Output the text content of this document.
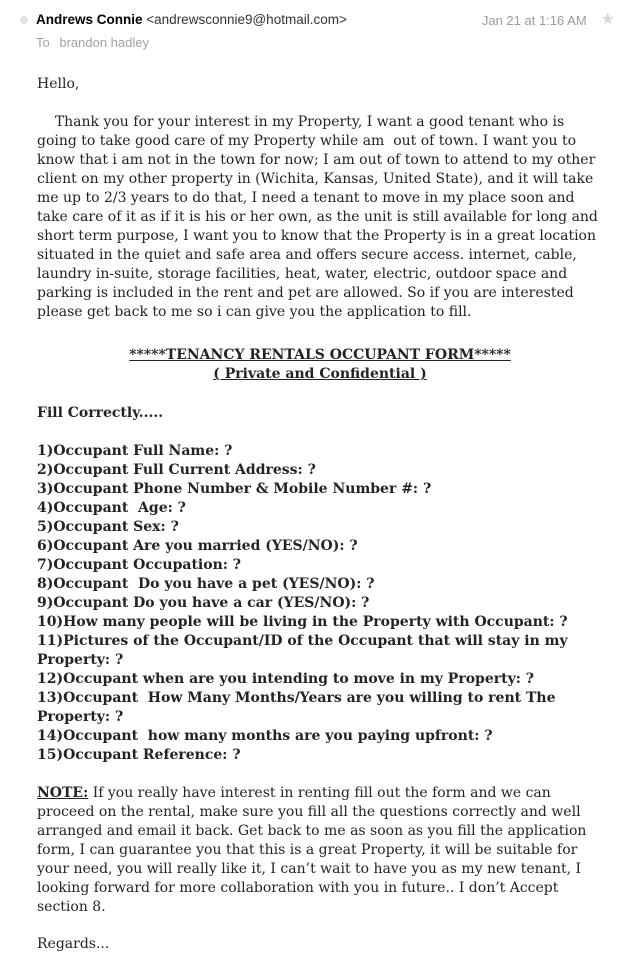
Andrews Connie <andrewsconnie9@hotmail.com>
To brandon hadley
Jan 21 at 1:16 AM ★

Hello,

Thank you for your interest in my Property, I want a good tenant who is going to take good care of my Property while am  out of town. I want you to know that i am not in the town for now; I am out of town to attend to my other client on my other property in (Wichita, Kansas, United State), and it will take me up to 2/3 years to do that, I need a tenant to move in my place soon and take care of it as if it is his or her own, as the unit is still available for long and short term purpose, I want you to know that the Property is in a great location situated in the quiet and safe area and offers secure access. internet, cable, laundry in-suite, storage facilities, heat, water, electric, outdoor space and parking is included in the rent and pet are allowed. So if you are interested please get back to me so i can give you the application to fill.

*****TENANCY RENTALS OCCUPANT FORM*****

( Private and Confidential )

Fill Correctly.....

1)Occupant Full Name: ?
2)Occupant Full Current Address: ?
3)Occupant Phone Number & Mobile Number #: ?
4)Occupant  Age: ?
5)Occupant Sex: ?
6)Occupant Are you married (YES/NO): ?
7)Occupant Occupation: ?
8)Occupant  Do you have a pet (YES/NO): ?
9)Occupant Do you have a car (YES/NO): ?
10)How many people will be living in the Property with Occupant: ?
11)Pictures of the Occupant/ID of the Occupant that will stay in my Property: ?
12)Occupant when are you intending to move in my Property: ?
13)Occupant  How Many Months/Years are you willing to rent The Property: ?
14)Occupant  how many months are you paying upfront: ?
15)Occupant Reference: ?

NOTE: If you really have interest in renting fill out the form and we can proceed on the rental, make sure you fill all the questions correctly and well arranged and email it back. Get back to me as soon as you fill the application form, I can guarantee you that this is a great Property, it will be suitable for your need, you will really like it, I can’t wait to have you as my new tenant, I looking forward for more collaboration with you in future.. I don’t Accept section 8.

Regards...
